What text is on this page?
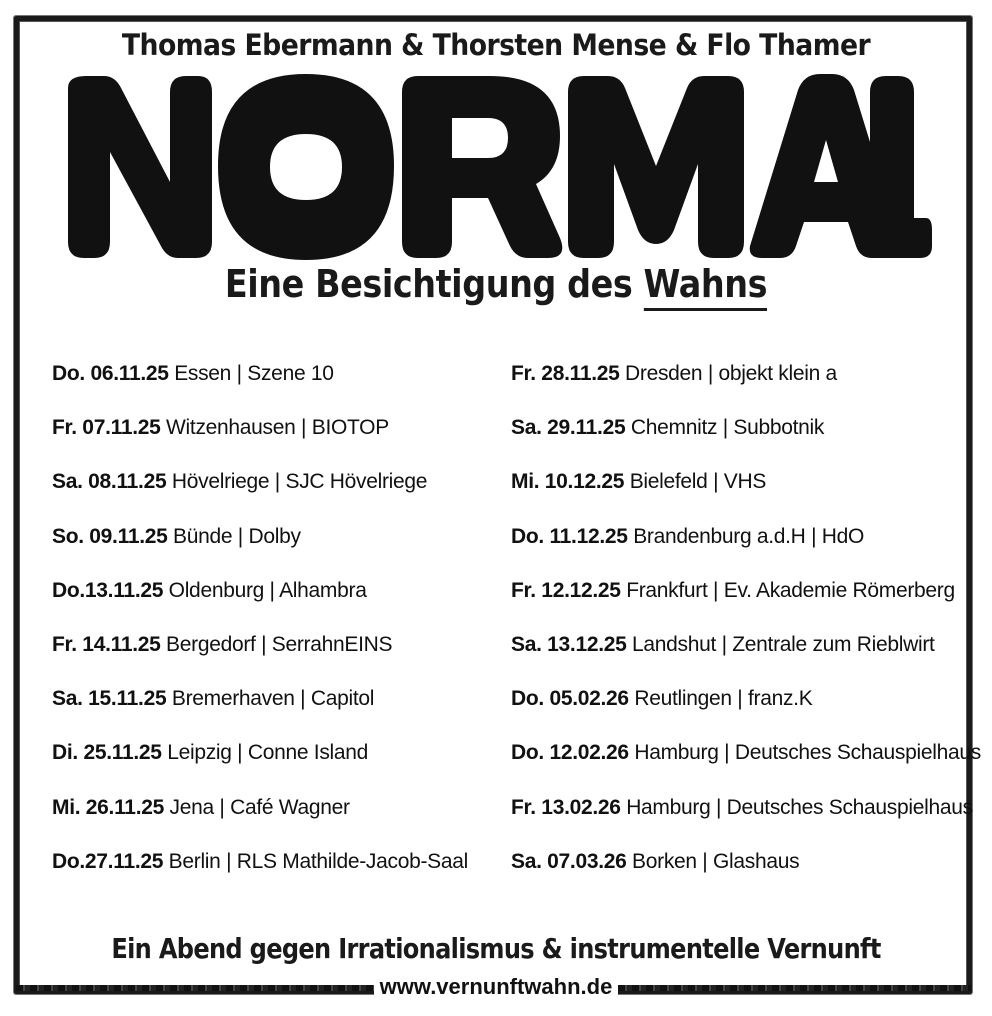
Thomas Ebermann & Thorsten Mense & Flo Thamer
Eine Besichtigung des Wahns
Do. 06.11.25 Essen | Szene 10
Fr. 07.11.25 Witzenhausen | BIOTOP
Sa. 08.11.25 Hövelriege | SJC Hövelriege
So. 09.11.25 Bünde | Dolby
Do.13.11.25 Oldenburg | Alhambra
Fr. 14.11.25 Bergedorf | SerrahnEINS
Sa. 15.11.25 Bremerhaven | Capitol
Di. 25.11.25 Leipzig | Conne Island
Mi. 26.11.25 Jena | Café Wagner
Do.27.11.25 Berlin | RLS Mathilde-Jacob-Saal
Fr. 28.11.25 Dresden | objekt klein a
Sa. 29.11.25 Chemnitz | Subbotnik
Mi. 10.12.25 Bielefeld | VHS
Do. 11.12.25 Brandenburg a.d.H | HdO
Fr. 12.12.25 Frankfurt | Ev. Akademie Römerberg
Sa. 13.12.25 Landshut | Zentrale zum Rieblwirt
Do. 05.02.26 Reutlingen | franz.K
Do. 12.02.26 Hamburg | Deutsches Schauspielhaus
Fr. 13.02.26 Hamburg | Deutsches Schauspielhaus
Sa. 07.03.26 Borken | Glashaus
Ein Abend gegen Irrationalismus & instrumentelle Vernunft
www.vernunftwahn.de
